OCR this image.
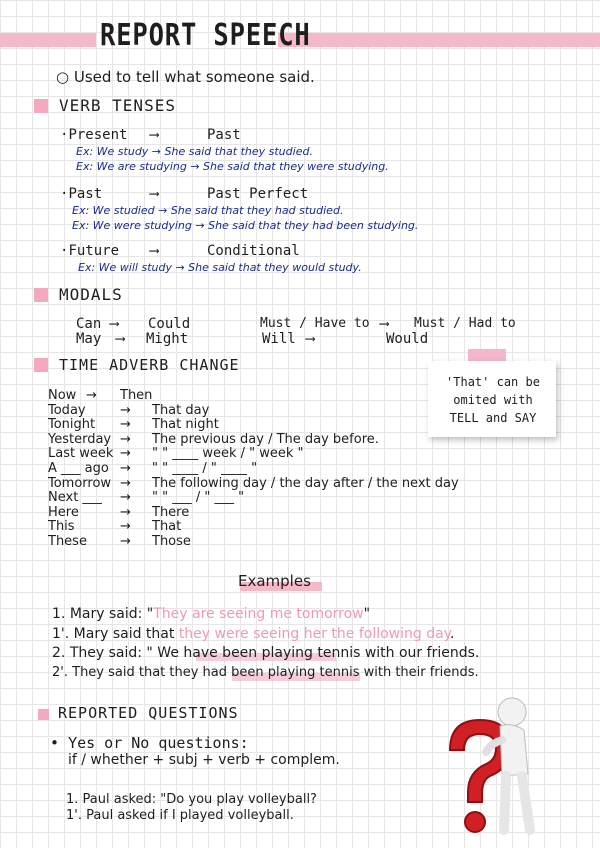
REPORT SPEECH
○ Used to tell what someone said.
VERB TENSES
·Present ⟶	Past
Ex: We study → She said that they studied.
Ex: We are studying → She said that they were studying.
·Past	⟶	Past Perfect
Ex: We studied → She said that they had studied.
Ex: We were studying → She said that they had been studying.
·Future ⟶	Conditional
Ex: We will study → She said that they would study.
MODALS
Can ⟶ Could
May ⟶ Might
Must / Have to ⟶ Must / Had to
Will ⟶	Would
TIME ADVERB CHANGE
'That' can be omited with TELL and SAY
Now → Then
Today	→ That day
Tonight → That night
Yesterday → The previous day / The day before.
Last week → " " ____ week / " week "
A ___ ago → " " ____ / " ____ "
Tomorrow → The following day / the day after / the next day
Next ___ → " " ___ / " ___ "
Here	→ There
This	→ That
These	→ Those
Examples
1. Mary said: "They are seeing me tomorrow"
1'. Mary said that they were seeing her the following day.
2. They said: " We have been playing tennis with our friends.
2'. They said that they had been playing tennis with their friends.
REPORTED QUESTIONS
• Yes or No questions:
if / whether + subj + verb + complem.
1. Paul asked: "Do you play volleyball?
1'. Paul asked if I played volleyball.
